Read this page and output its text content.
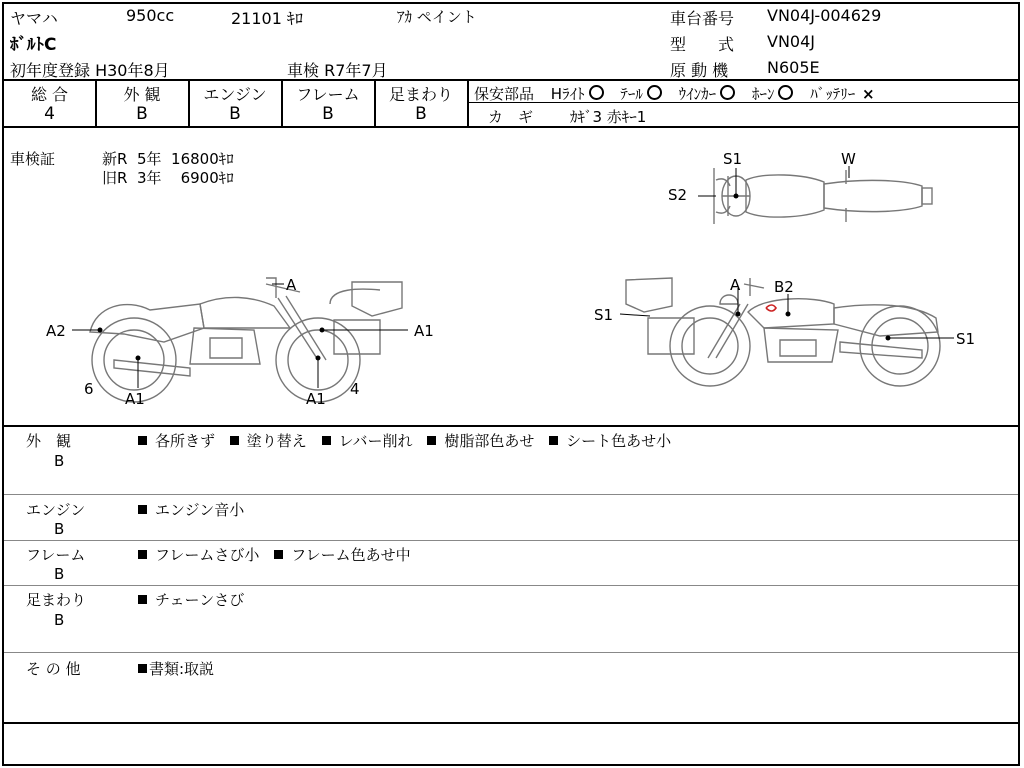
ヤマハ	950cc	21101 ｷﾛ	ｱｶ ペイント
ﾎﾞﾙﾄC
初年度登録 H30年8月	車検 R7年7月
車台番号 VN04J-004629
型　　式 VN04J
原 動 機 N605E
総 合	外 観	エンジン	フレーム	足まわり
4	B	B	B	B
保安部品 Hﾗｲﾄ ○ ﾃｰﾙ ○ ｳｲﾝｶｰ ○ ﾎｰﾝ ○ ﾊﾞｯﾃﾘｰ ×
カ　ギ ｶｷﾞ3 赤ｷｰ1
車検証	新R  5年  16800ｷﾛ
旧R  3年    6900ｷﾛ
S1
S2
W
A
A2	A1
6
A1	A1
4
A B2
S1
S1
外　観
B
各所きず 塗り替え レバー削れ 樹脂部色あせ シート色あせ小
エンジン
B
エンジン音小
フレーム
B
フレームさび小 フレーム色あせ中
足まわり
B
チェーンさび
そ の 他	書類:取説
